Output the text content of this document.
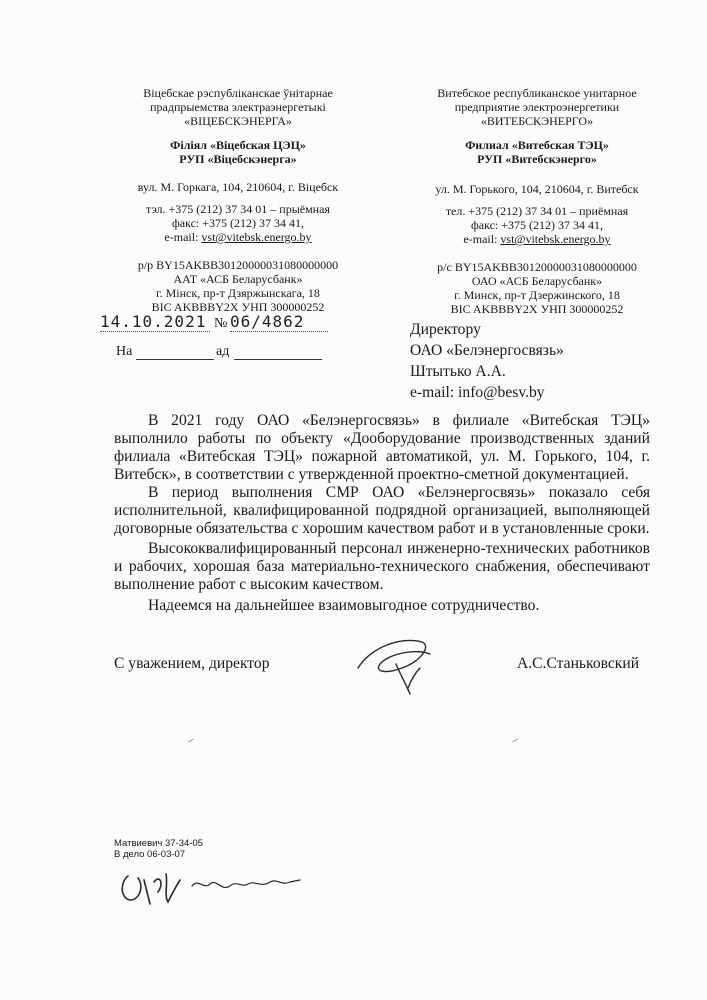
Віцебскае рэспубліканскае ўнітарнае
прадпрыемства электраэнергетыкі
«ВІЦЕБСКЭНЕРГА»
Філіял «Віцебская ЦЭЦ»
РУП «Віцебскэнерга»
вул. М. Горкага, 104, 210604, г. Віцебск
тэл. +375 (212) 37 34 01 – прыёмная
факс: +375 (212) 37 34 41,
e-mail: vst@vitebsk.energo.by
р/р BY15AKBB30120000031080000000
ААТ «АСБ Беларусбанк»
г. Мінск, пр-т Дзяржынскага, 18
BIC AKBBBY2X УНП 300000252
Витебское республиканское унитарное
предприятие электроэнергетики
«ВИТЕБСКЭНЕРГО»
Филиал «Витебская ТЭЦ»
РУП «Витебскэнерго»
ул. М. Горького, 104, 210604, г. Витебск
тел. +375 (212) 37 34 01 – приёмная
факс: +375 (212) 37 34 41,
e-mail: vst@vitebsk.energo.by
р/с BY15AKBB30120000031080000000
ОАО «АСБ Беларусбанк»
г. Минск, пр-т Дзержинского, 18
BIC AKBBBY2X УНП 300000252
14.10.2021 № 06/4862
На	ад
Директору
ОАО «Белэнергосвязь»
Штытько А.А.
e-mail: info@besv.by

В 2021 году ОАО «Белэнергосвязь» в филиале «Витебская ТЭЦ» выполнило работы по объекту «Дооборудование производственных зданий филиала «Витебская ТЭЦ» пожарной автоматикой, ул. М. Горького, 104, г. Витебск», в соответствии с утвержденной проектно-сметной документацией.

В период выполнения СМР ОАО «Белэнергосвязь» показало себя исполнительной, квалифицированной подрядной организацией, выполняющей договорные обязательства с хорошим качеством работ и в установленные сроки.

Высококвалифицированный персонал инженерно-технических работников и рабочих, хорошая база материально-технического снабжения, обеспечивают выполнение работ с высоким качеством.

Надеемся на дальнейшее взаимовыгодное сотрудничество.

С уважением, директор	А.С.Станьковский
Матвиевич 37-34-05
В дело 06-03-07
